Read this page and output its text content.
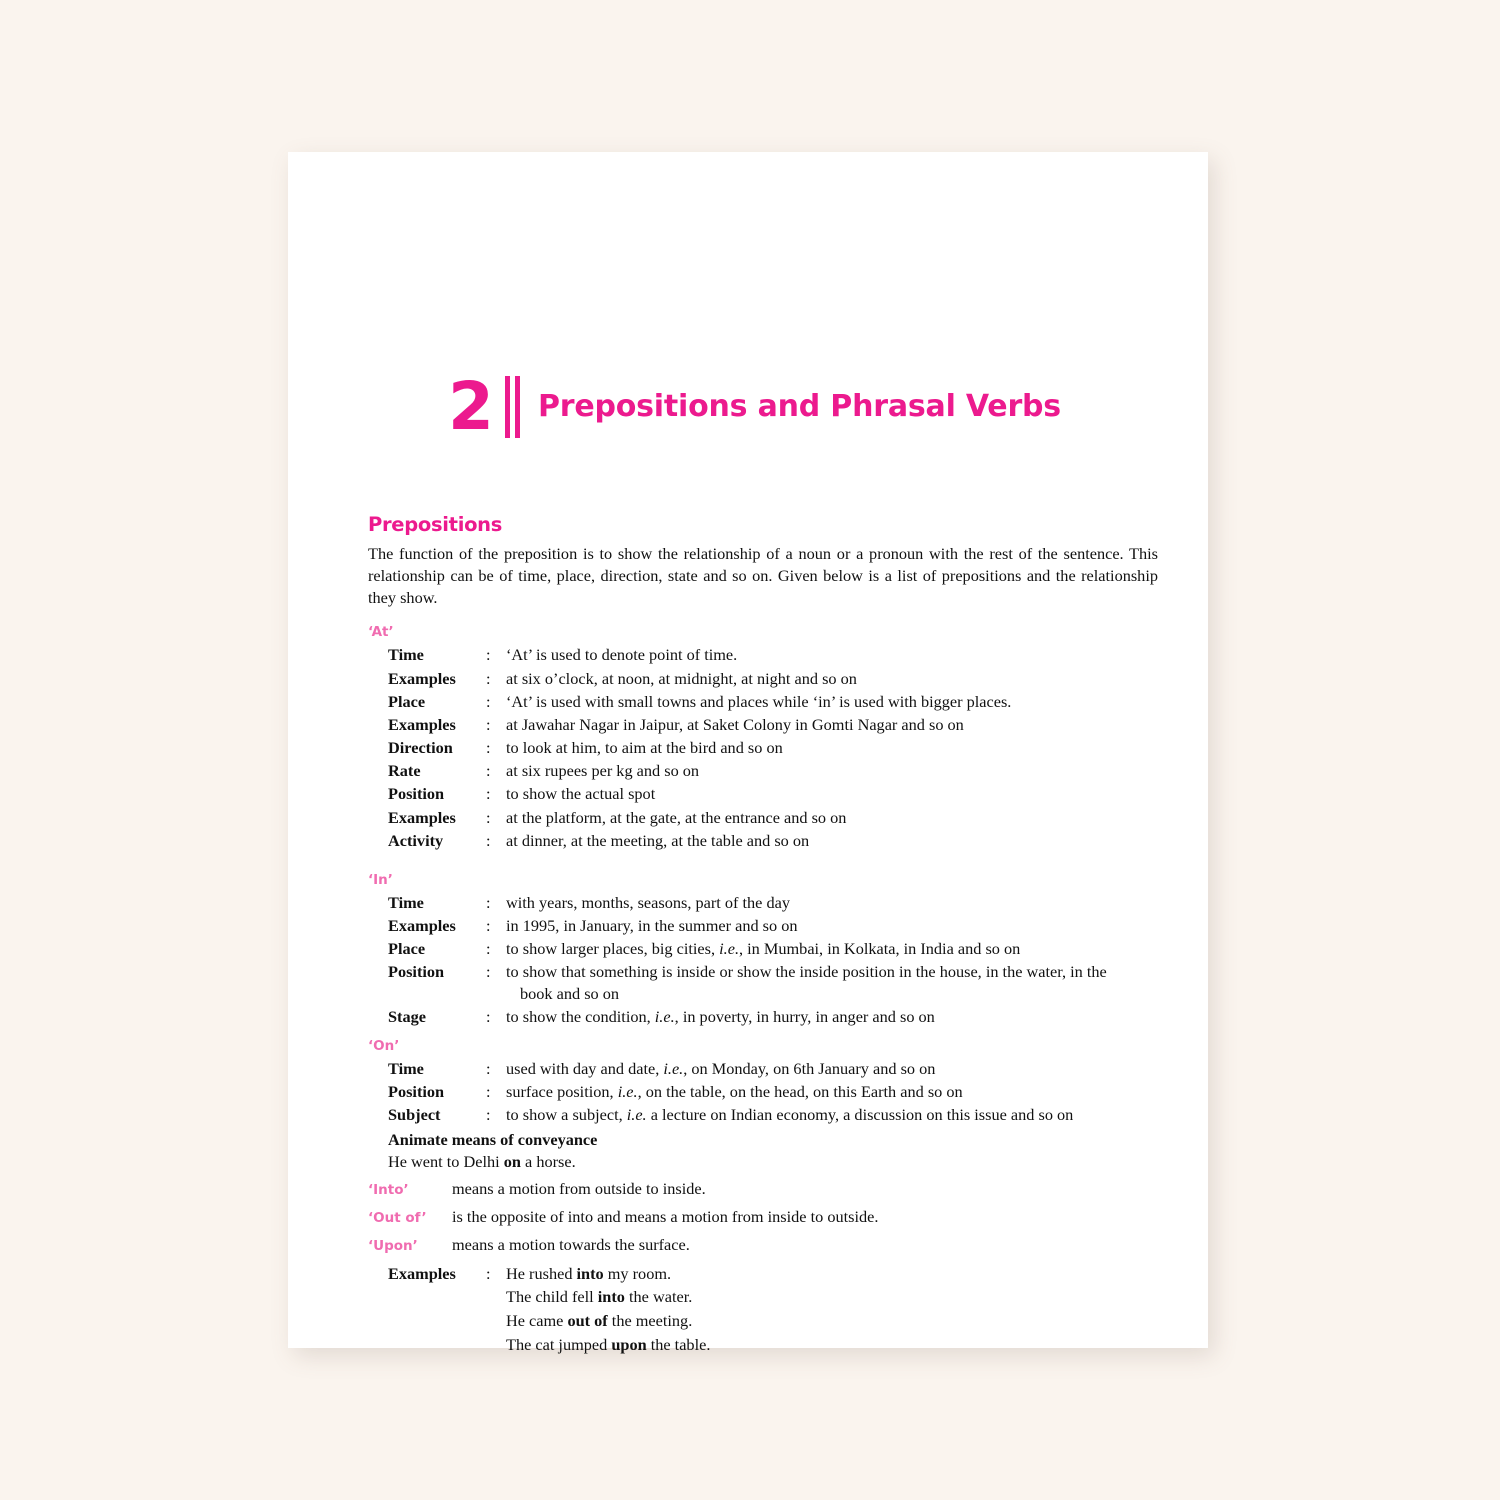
2 Prepositions and Phrasal Verbs
Prepositions
The function of the preposition is to show the relationship of a noun or a pronoun with the rest of the sentence. This relationship can be of time, place, direction, state and so on. Given below is a list of prepositions and the relationship they show.
‘At’
Time	: ‘At’ is used to denote point of time.
Examples	: at six o’clock, at noon, at midnight, at night and so on
Place	: ‘At’ is used with small towns and places while ‘in’ is used with bigger places.
Examples	: at Jawahar Nagar in Jaipur, at Saket Colony in Gomti Nagar and so on
Direction	: to look at him, to aim at the bird and so on
Rate	: at six rupees per kg and so on
Position	: to show the actual spot
Examples	: at the platform, at the gate, at the entrance and so on
Activity	: at dinner, at the meeting, at the table and so on
‘In’
Time	: with years, months, seasons, part of the day
Examples	: in 1995, in January, in the summer and so on
Place	: to show larger places, big cities, i.e., in Mumbai, in Kolkata, in India and so on
Position	: to show that something is inside or show the inside position in the house, in the water, in the
book and so on
Stage	: to show the condition, i.e., in poverty, in hurry, in anger and so on
‘On’
Time	: used with day and date, i.e., on Monday, on 6th January and so on
Position	: surface position, i.e., on the table, on the head, on this Earth and so on
Subject	: to show a subject, i.e. a lecture on Indian economy, a discussion on this issue and so on
Animate means of conveyance
He went to Delhi on a horse.
‘Into’	means a motion from outside to inside.
‘Out of’	is the opposite of into and means a motion from inside to outside.
‘Upon’	means a motion towards the surface.
Examples	: He rushed into my room.
The child fell into the water.
He came out of the meeting.
The cat jumped upon the table.
